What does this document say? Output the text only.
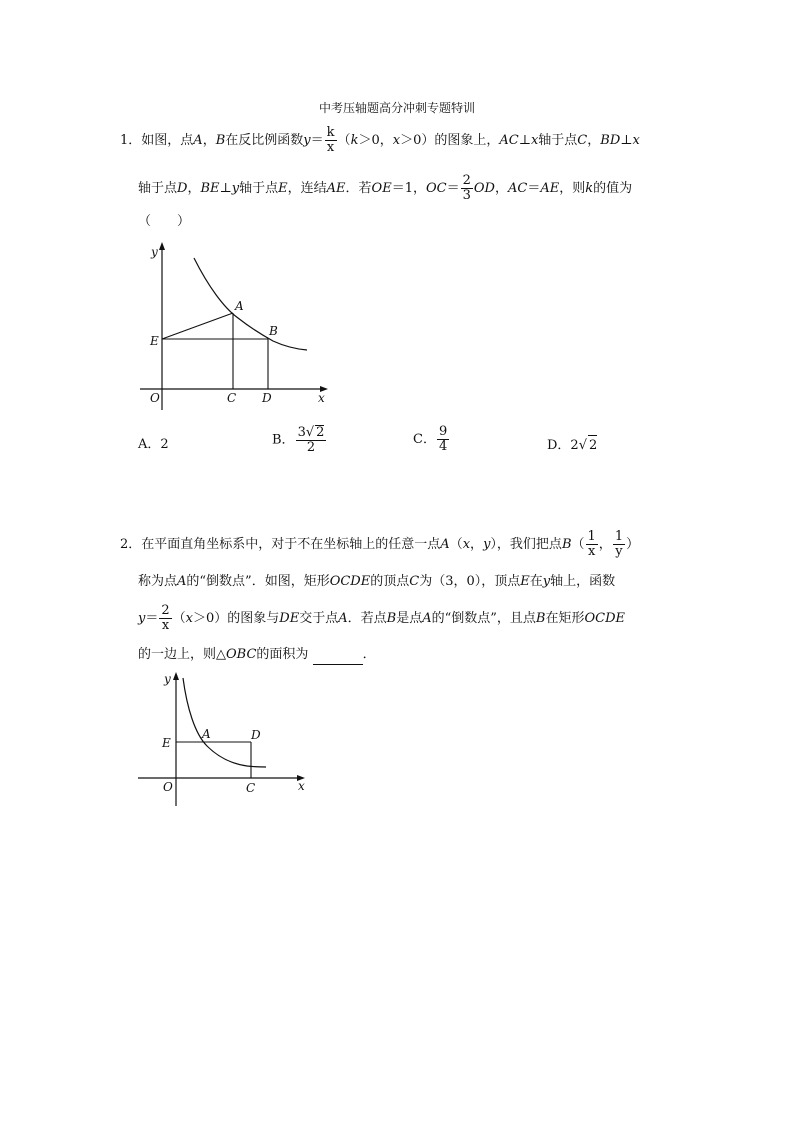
中考压轴题高分冲刺专题特训
1．如图，点A，B在反比例函数$y= \frac{k}{x} (k>0$，x＞0）的图象上，AC⊥x轴于点C，BD⊥x
轴于点D，BE⊥y轴于点E，连结AE．若OE＝1，$OC= \frac{2}{3}$ OD，AC＝AE，则k的值为
（　　）
y
x
O
E
A
B
C D
A．2	B． $\frac{3√ 2}{2}$	C． $\frac{9}{4}$	D．2√ 2
2．在平面直角坐标系中，对于不在坐标轴上的任意一点A（x，y），我们把点$B( \frac{1}{x}$ ， $\frac{1}{y}$ ）
称为点A的“倒数点”．如图，矩形OCDE的顶点C为（3，0），顶点E在y轴上，函数
$y= \frac{2}{x} (x>0)$的图象与DE交于点A．若点B是点A的“倒数点”，且点B在矩形OCDE
的一边上，则△OBC的面积为	．
y
x
O
E
A	D
C
